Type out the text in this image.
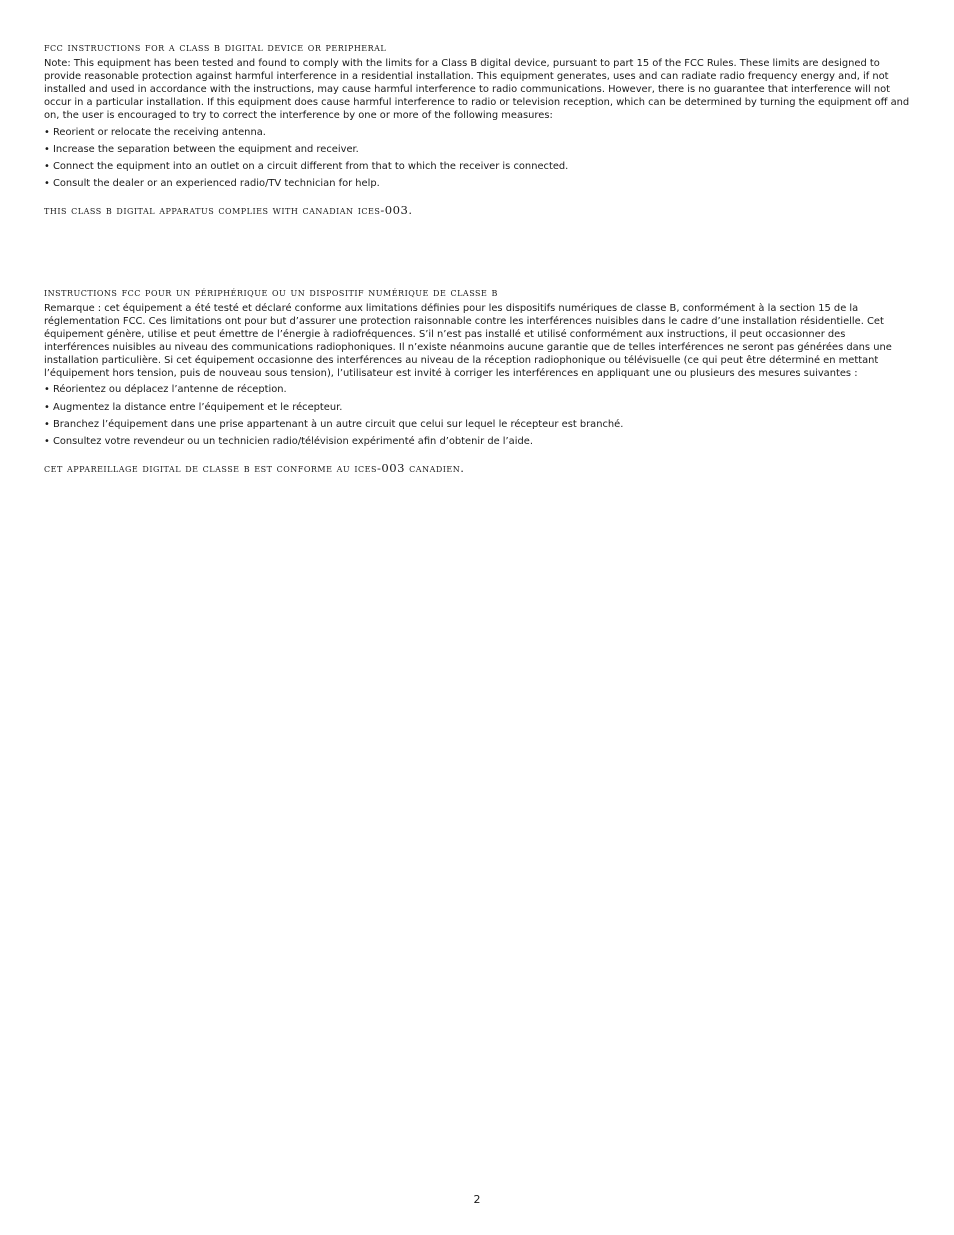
fcc instructions for a class b digital device or peripheral

Note: This equipment has been tested and found to comply with the limits for a Class B digital device, pursuant to part 15 of the FCC Rules. These limits are designed to provide reasonable protection against harmful interference in a residential installation. This equipment generates, uses and can radiate radio frequency energy and, if not installed and used in accordance with the instructions, may cause harmful interference to radio communications. However, there is no guarantee that interference will not occur in a particular installation. If this equipment does cause harmful interference to radio or television reception, which can be determined by turning the equipment off and on, the user is encouraged to try to correct the interference by one or more of the following measures:

• Reorient or relocate the receiving antenna.
• Increase the separation between the equipment and receiver.
• Connect the equipment into an outlet on a circuit different from that to which the receiver is connected.
• Consult the dealer or an experienced radio/TV technician for help.
this class b digital apparatus complies with canadian ices-003.
instructions fcc pour un périphérique ou un dispositif numérique de classe b

Remarque : cet équipement a été testé et déclaré conforme aux limitations définies pour les dispositifs numériques de classe B, conformément à la section 15 de la réglementation FCC. Ces limitations ont pour but d’assurer une protection raisonnable contre les interférences nuisibles dans le cadre d’une installation résidentielle. Cet équipement génère, utilise et peut émettre de l’énergie à radiofréquences. S’il n’est pas installé et utilisé conformément aux instructions, il peut occasionner des interférences nuisibles au niveau des communications radiophoniques. Il n’existe néanmoins aucune garantie que de telles interférences ne seront pas générées dans une installation particulière. Si cet équipement occasionne des interférences au niveau de la réception radiophonique ou télévisuelle (ce qui peut être déterminé en mettant l’équipement hors tension, puis de nouveau sous tension), l’utilisateur est invité à corriger les interférences en appliquant une ou plusieurs des mesures suivantes :

• Réorientez ou déplacez l’antenne de réception.
• Augmentez la distance entre l’équipement et le récepteur.
• Branchez l’équipement dans une prise appartenant à un autre circuit que celui sur lequel le récepteur est branché.
• Consultez votre revendeur ou un technicien radio/télévision expérimenté afin d’obtenir de l’aide.
cet appareillage digital de classe b est conforme au ices-003 canadien.
2
